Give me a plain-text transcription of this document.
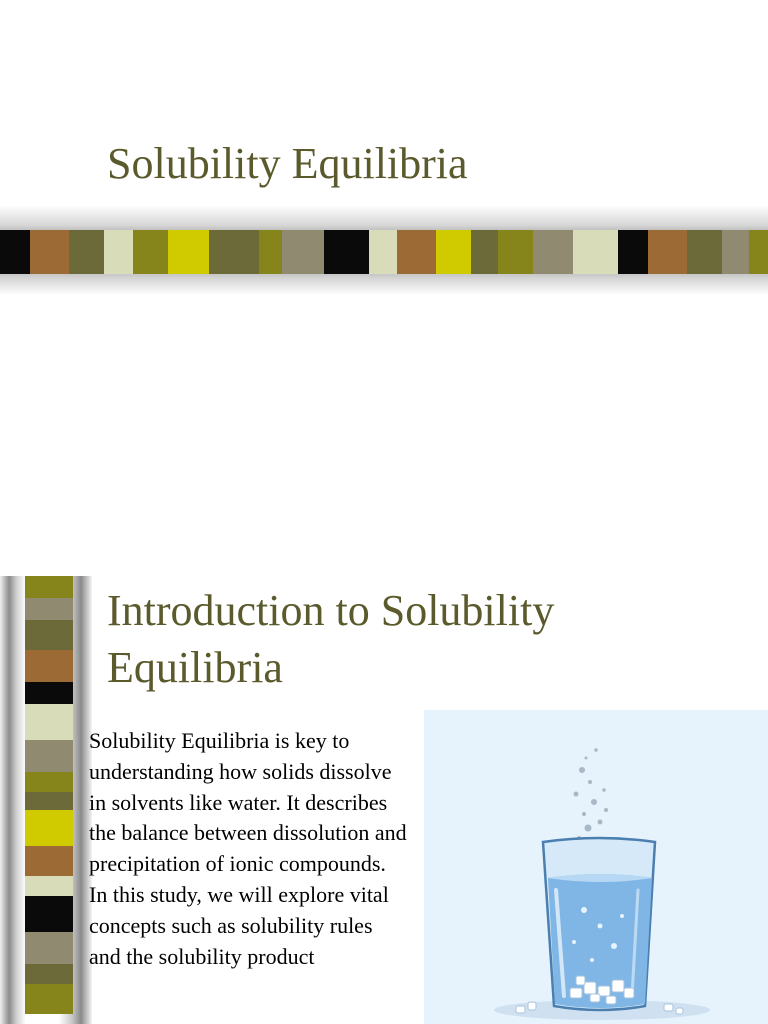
Solubility Equilibria
Introduction to Solubility
Equilibria

Solubility Equilibria is key to understanding how solids dissolve in solvents like water. It describes the balance between dissolution and precipitation of ionic compounds. In this study, we will explore vital concepts such as solubility rules and the solubility product
